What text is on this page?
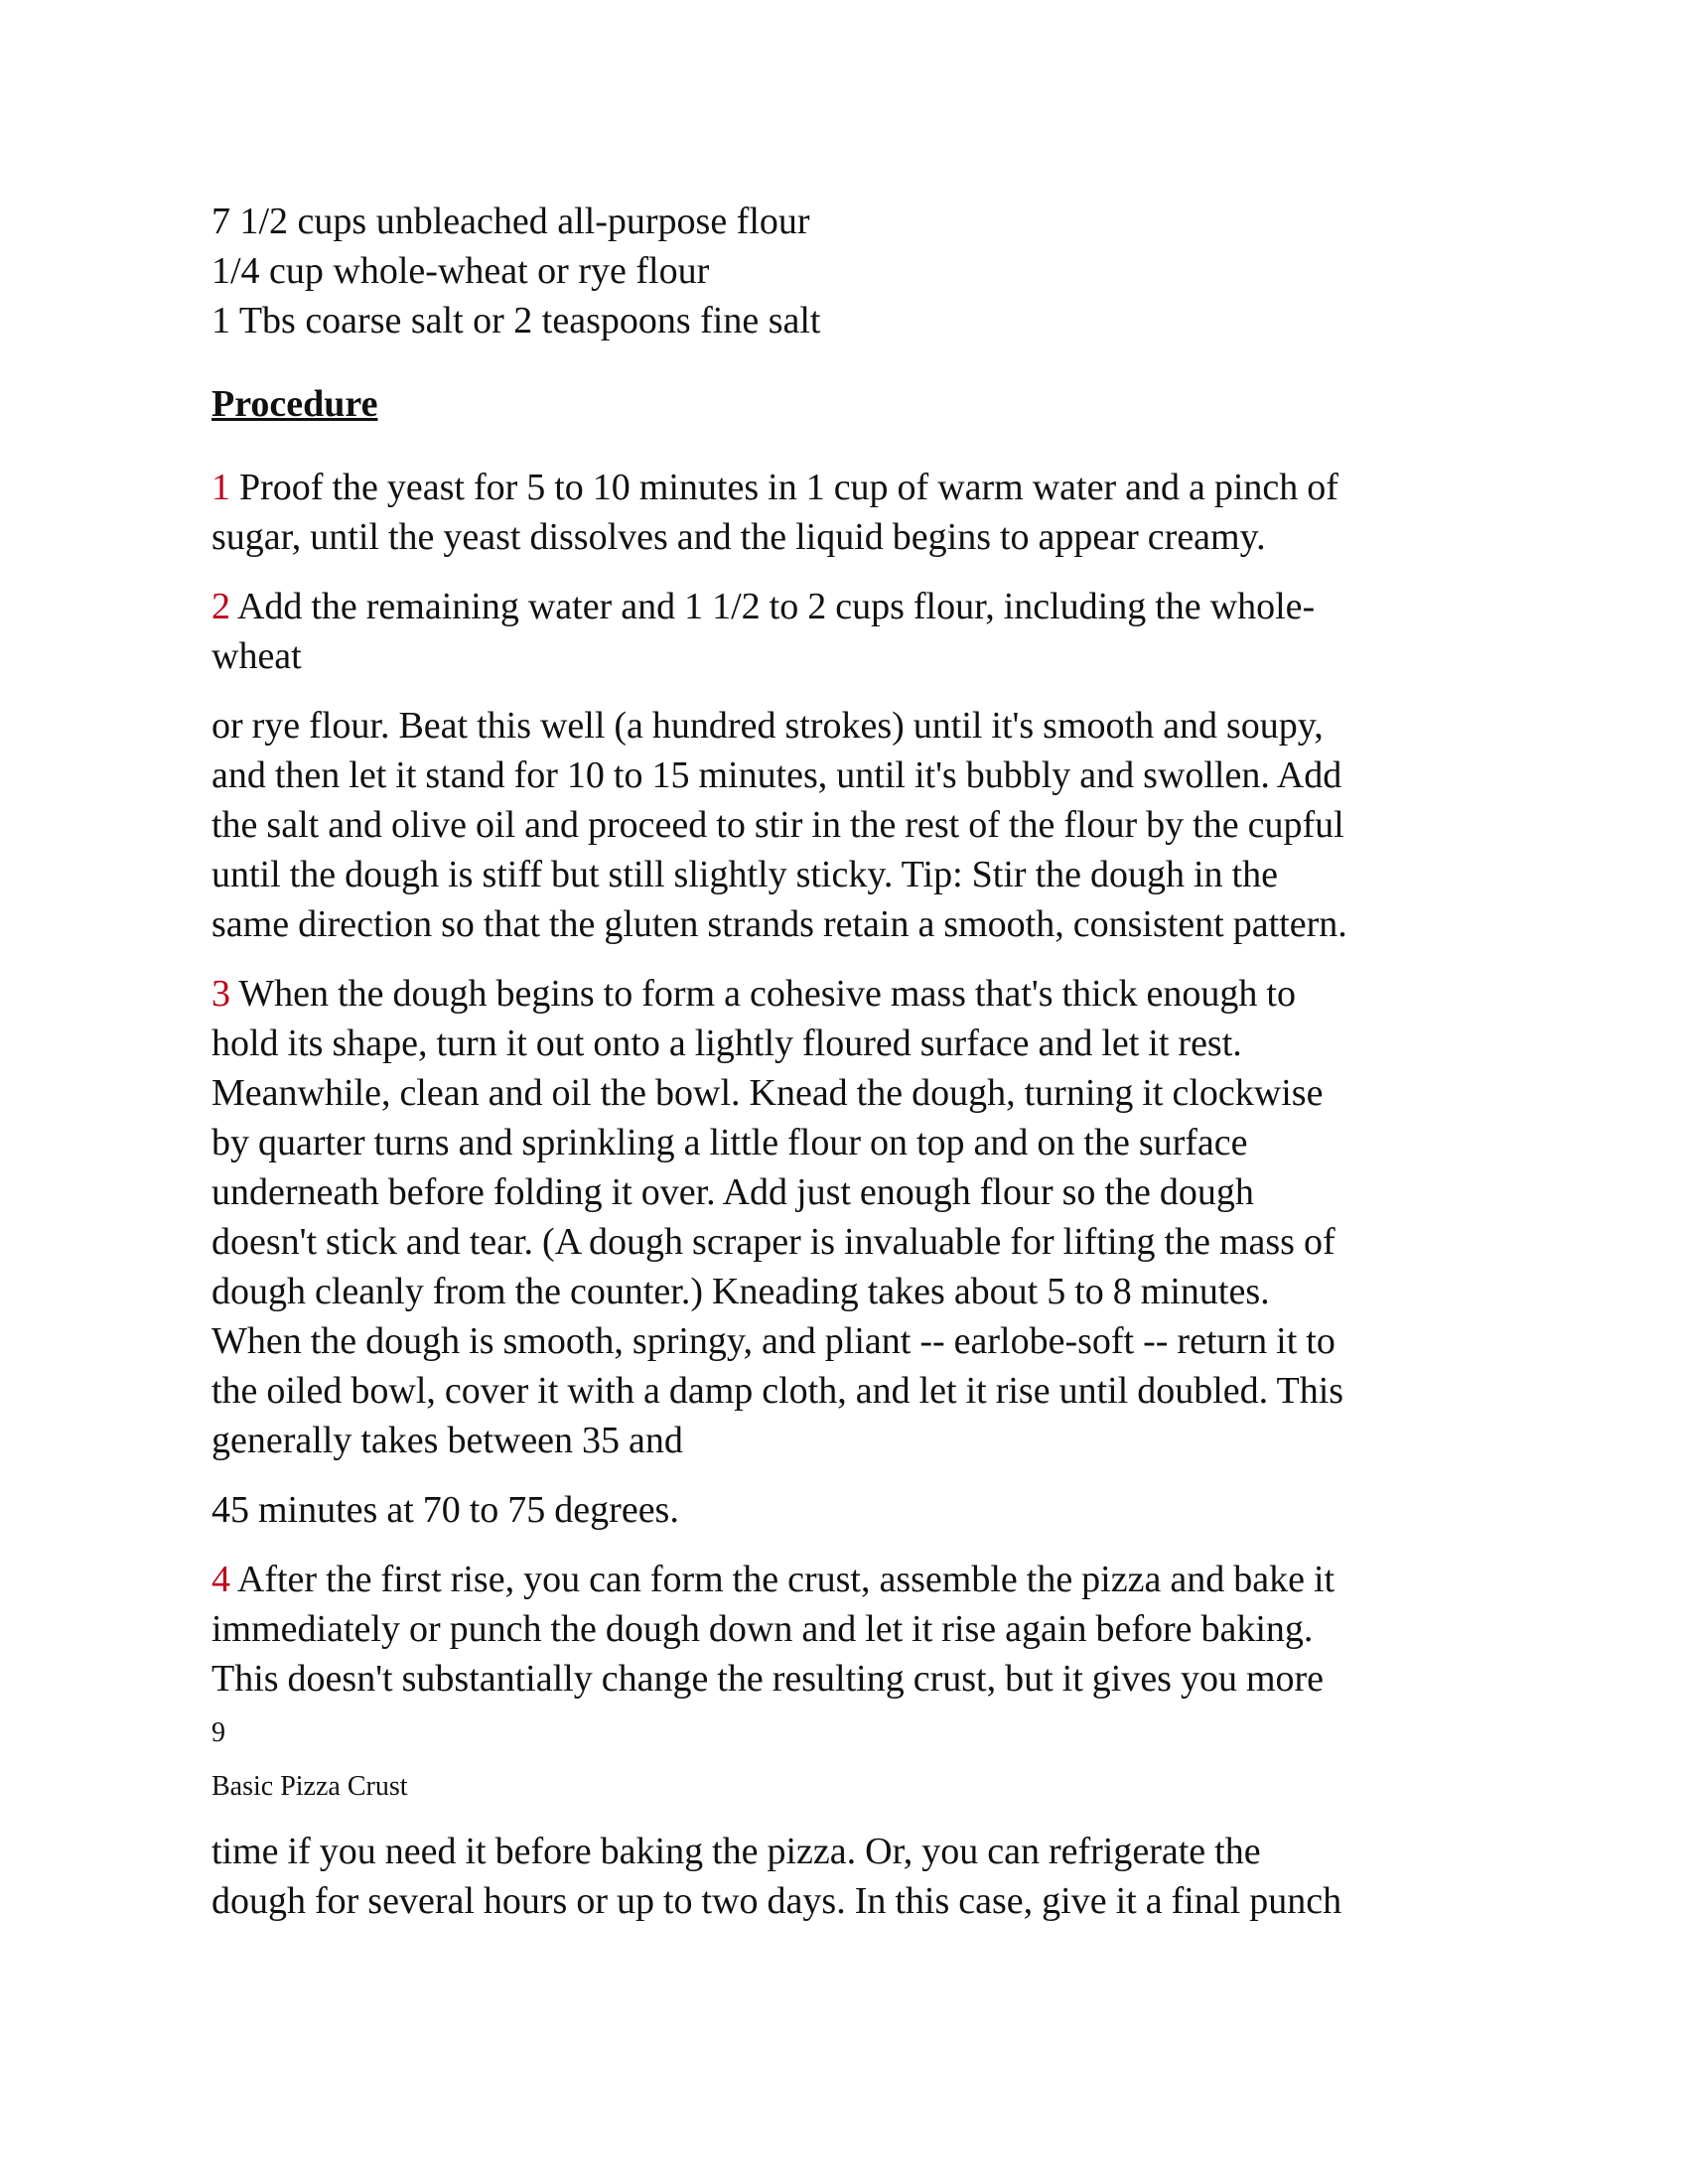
7 1/2 cups unbleached all-purpose flour
1/4 cup whole-wheat or rye flour
1 Tbs coarse salt or 2 teaspoons fine salt
Procedure

1 Proof the yeast for 5 to 10 minutes in 1 cup of warm water and a pinch of
sugar, until the yeast dissolves and the liquid begins to appear creamy.

2 Add the remaining water and 1 1/2 to 2 cups flour, including the whole-
wheat

or rye flour. Beat this well (a hundred strokes) until it's smooth and soupy,
and then let it stand for 10 to 15 minutes, until it's bubbly and swollen. Add
the salt and olive oil and proceed to stir in the rest of the flour by the cupful
until the dough is stiff but still slightly sticky. Tip: Stir the dough in the
same direction so that the gluten strands retain a smooth, consistent pattern.

3 When the dough begins to form a cohesive mass that's thick enough to
hold its shape, turn it out onto a lightly floured surface and let it rest.
Meanwhile, clean and oil the bowl. Knead the dough, turning it clockwise
by quarter turns and sprinkling a little flour on top and on the surface
underneath before folding it over. Add just enough flour so the dough
doesn't stick and tear. (A dough scraper is invaluable for lifting the mass of
dough cleanly from the counter.) Kneading takes about 5 to 8 minutes.
When the dough is smooth, springy, and pliant -- earlobe-soft -- return it to
the oiled bowl, cover it with a damp cloth, and let it rise until doubled. This
generally takes between 35 and

45 minutes at 70 to 75 degrees.

4 After the first rise, you can form the crust, assemble the pizza and bake it
immediately or punch the dough down and let it rise again before baking.
This doesn't substantially change the resulting crust, but it gives you more

9
Basic Pizza Crust

time if you need it before baking the pizza. Or, you can refrigerate the
dough for several hours or up to two days. In this case, give it a final punch
